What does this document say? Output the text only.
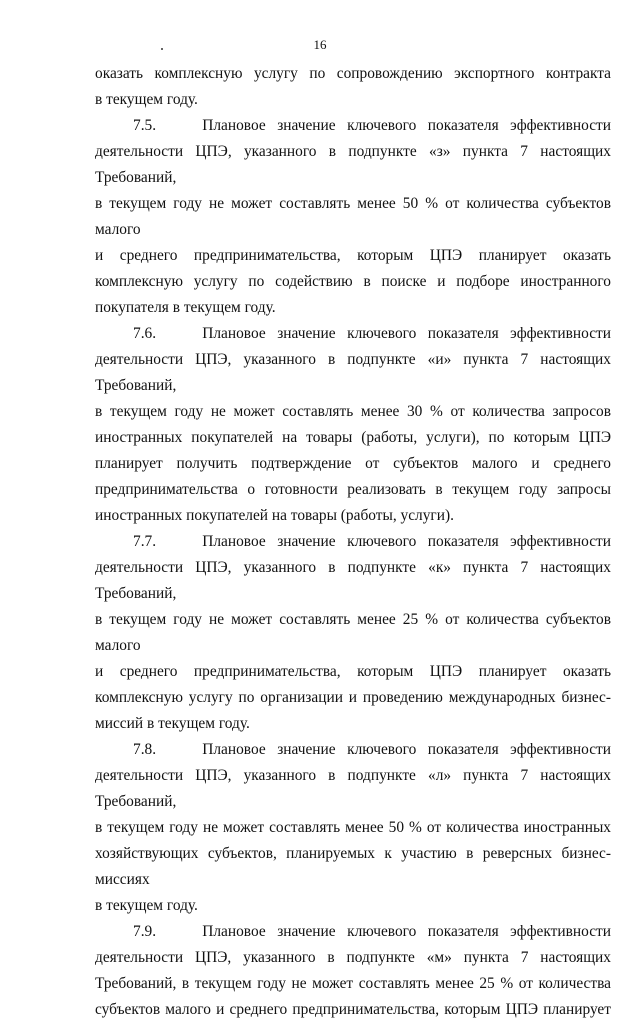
16
оказать комплексную услугу по сопровождению экспортного контракта
в текущем году.
7.5.    Плановое значение ключевого показателя эффективности
деятельности ЦПЭ, указанного в подпункте «з» пункта 7 настоящих Требований,
в текущем году не может составлять менее 50 % от количества субъектов малого
и среднего предпринимательства, которым ЦПЭ планирует оказать
комплексную услугу по содействию в поиске и подборе иностранного
покупателя в текущем году.
7.6.    Плановое значение ключевого показателя эффективности
деятельности ЦПЭ, указанного в подпункте «и» пункта 7 настоящих Требований,
в текущем году не может составлять менее 30 % от количества запросов
иностранных покупателей на товары (работы, услуги), по которым ЦПЭ
планирует получить подтверждение от субъектов малого и среднего
предпринимательства о готовности реализовать в текущем году запросы
иностранных покупателей на товары (работы, услуги).
7.7.    Плановое значение ключевого показателя эффективности
деятельности ЦПЭ, указанного в подпункте «к» пункта 7 настоящих Требований,
в текущем году не может составлять менее 25 % от количества субъектов малого
и среднего предпринимательства, которым ЦПЭ планирует оказать
комплексную услугу по организации и проведению международных бизнес-
миссий в текущем году.
7.8.    Плановое значение ключевого показателя эффективности
деятельности ЦПЭ, указанного в подпункте «л» пункта 7 настоящих Требований,
в текущем году не может составлять менее 50 % от количества иностранных
хозяйствующих субъектов, планируемых к участию в реверсных бизнес-миссиях
в текущем году.
7.9.    Плановое значение ключевого показателя эффективности
деятельности ЦПЭ, указанного в подпункте «м» пункта 7 настоящих
Требований, в текущем году не может составлять менее 25 % от количества
субъектов малого и среднего предпринимательства, которым ЦПЭ планирует
